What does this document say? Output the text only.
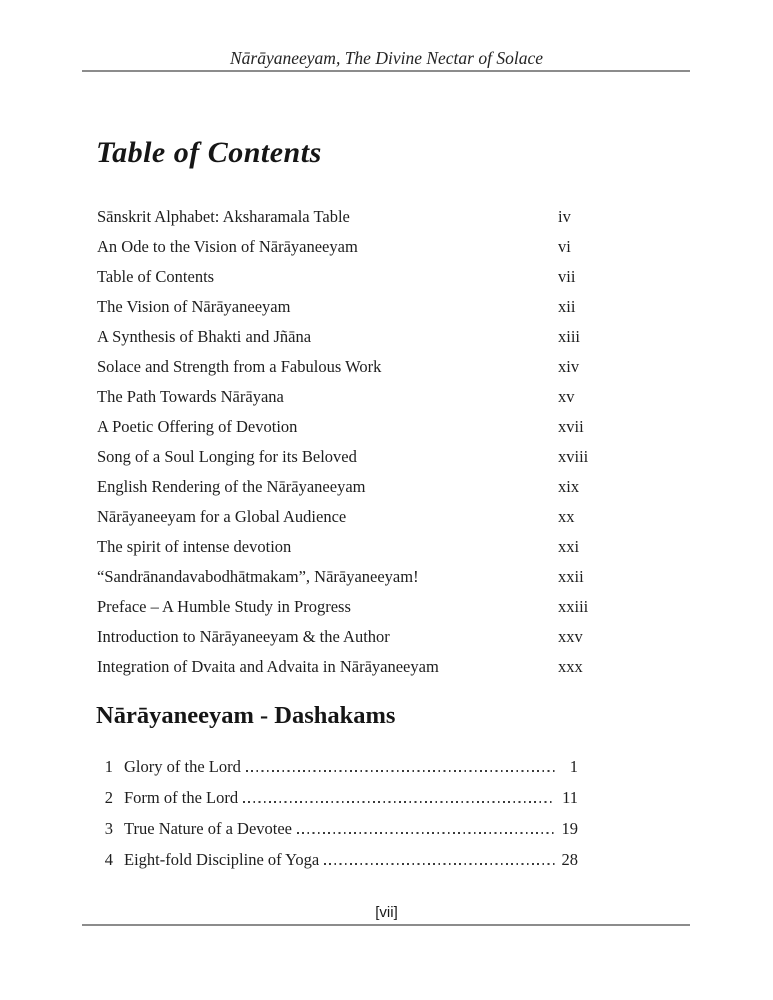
Nārāyaneeyam, The Divine Nectar of Solace
Table of Contents
Sānskrit Alphabet: Aksharamala Table	iv
An Ode to the Vision of Nārāyaneeyam	vi
Table of Contents	vii
The Vision of Nārāyaneeyam	xii
A Synthesis of Bhakti and Jñāna	xiii
Solace and Strength from a Fabulous Work	xiv
The Path Towards Nārāyana	xv
A Poetic Offering of Devotion	xvii
Song of a Soul Longing for its Beloved	xviii
English Rendering of the Nārāyaneeyam	xix
Nārāyaneeyam for a Global Audience	xx
The spirit of intense devotion	xxi
“Sandrānandavabodhātmakam”, Nārāyaneeyam!	xxii
Preface – A Humble Study in Progress	xxiii
Introduction to Nārāyaneeyam & the Author	xxv
Integration of Dvaita and Advaita in Nārāyaneeyam	xxx
Nārāyaneeyam - Dashakams
1 Glory of the Lord	1
2 Form of the Lord	11
3 True Nature of a Devotee	19
4 Eight-fold Discipline of Yoga	28
[vii]
